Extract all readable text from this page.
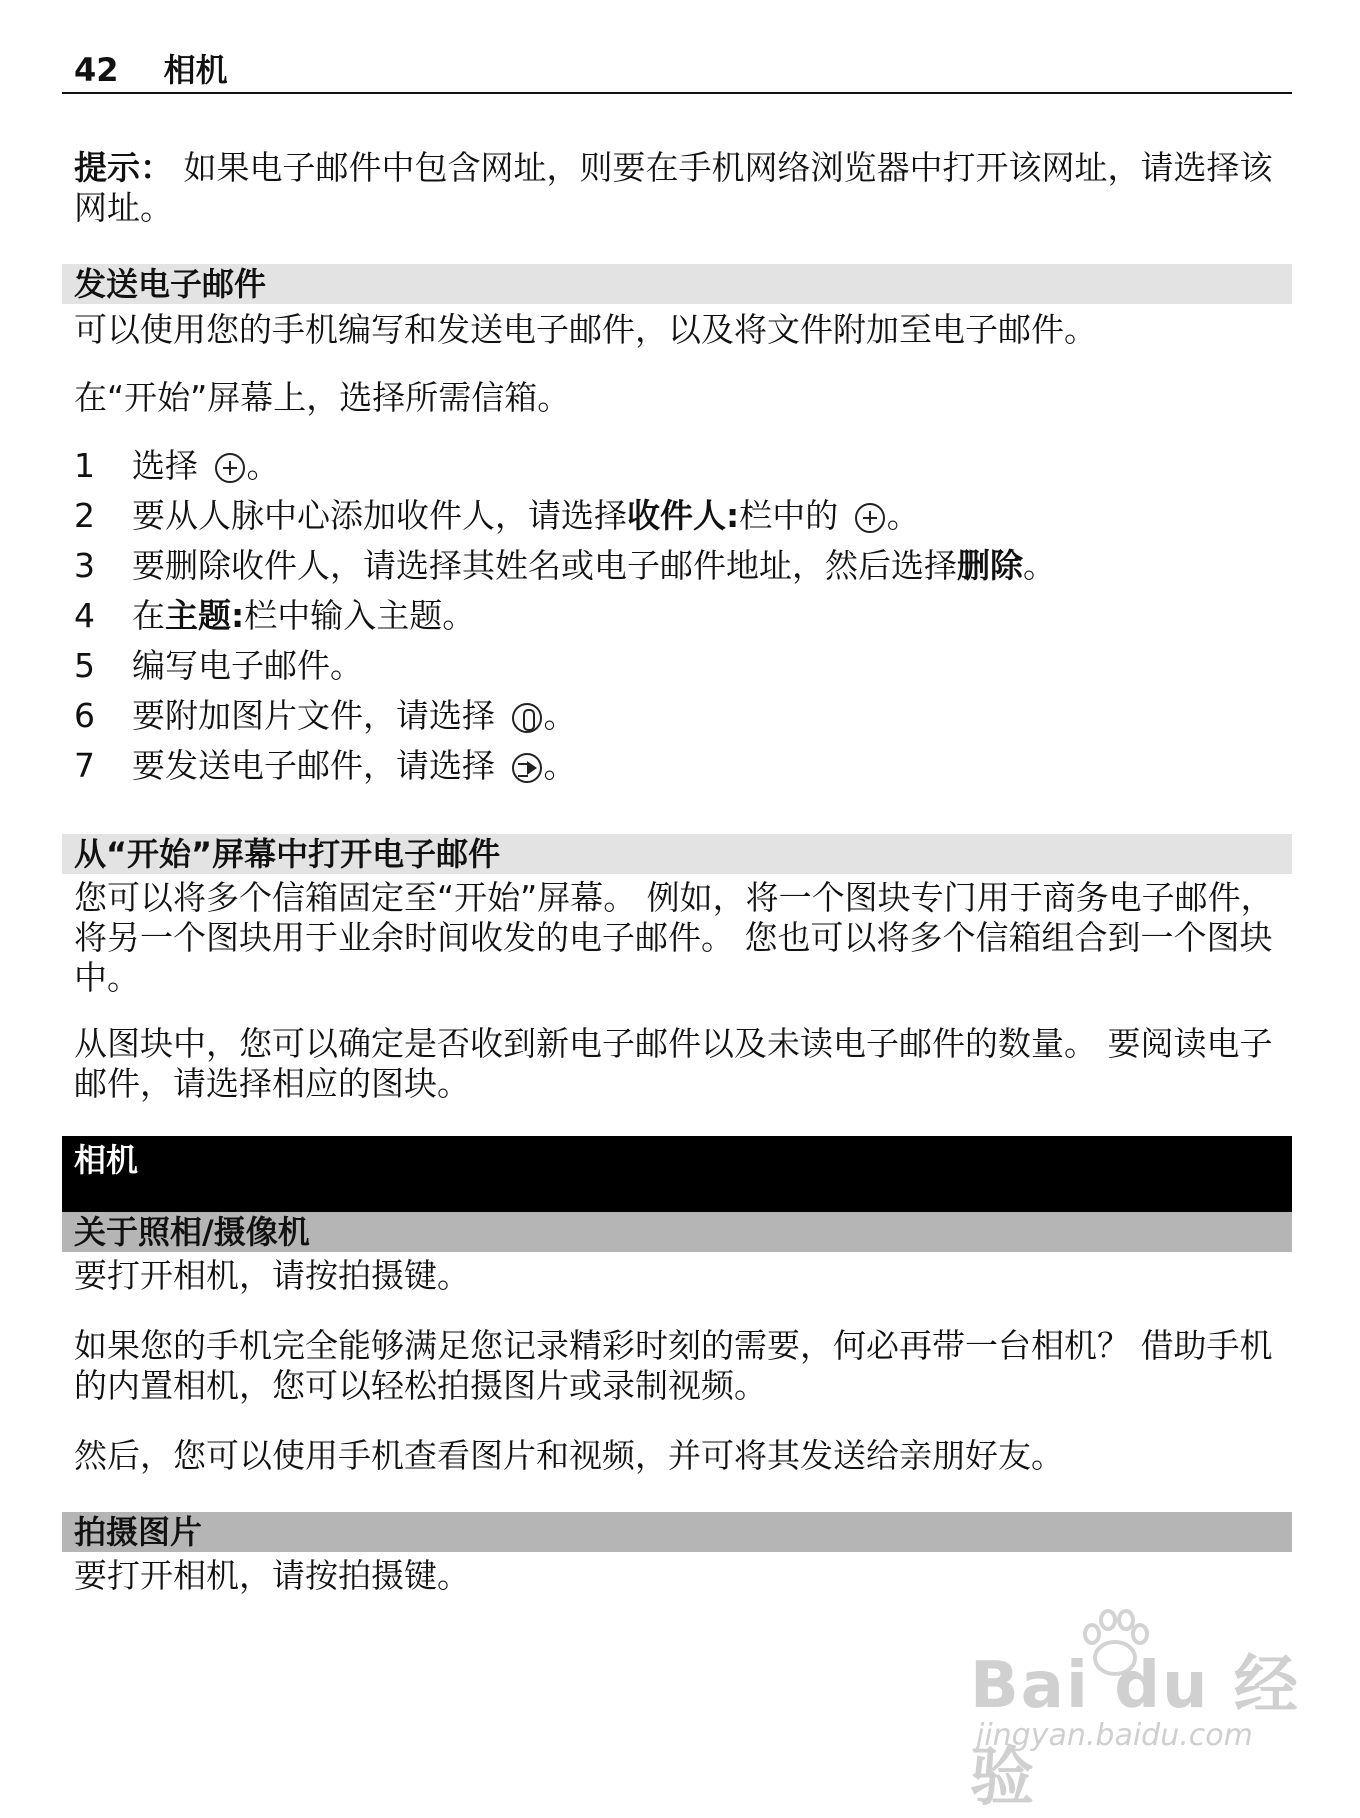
42 相机
提示： 如果电子邮件中包含网址，则要在手机网络浏览器中打开该网址，请选择该网址。
发送电子邮件
可以使用您的手机编写和发送电子邮件，以及将文件附加至电子邮件。
在“开始”屏幕上，选择所需信箱。
1 选择 。
2 要从人脉中心添加收件人，请选择收件人:栏中的 。
3 要删除收件人，请选择其姓名或电子邮件地址，然后选择删除。
4 在主题:栏中输入主题。
5 编写电子邮件。
6 要附加图片文件，请选择 。
7 要发送电子邮件，请选择 。
从“开始”屏幕中打开电子邮件
您可以将多个信箱固定至“开始”屏幕。 例如，将一个图块专门用于商务电子邮件，将另一个图块用于业余时间收发的电子邮件。 您也可以将多个信箱组合到一个图块中。
从图块中，您可以确定是否收到新电子邮件以及未读电子邮件的数量。 要阅读电子邮件，请选择相应的图块。
相机
关于照相/摄像机
要打开相机，请按拍摄键。
如果您的手机完全能够满足您记录精彩时刻的需要，何必再带一台相机？ 借助手机的内置相机，您可以轻松拍摄图片或录制视频。
然后，您可以使用手机查看图片和视频，并可将其发送给亲朋好友。
拍摄图片
要打开相机，请按拍摄键。
Bai du 经验
jingyan.baidu.com
